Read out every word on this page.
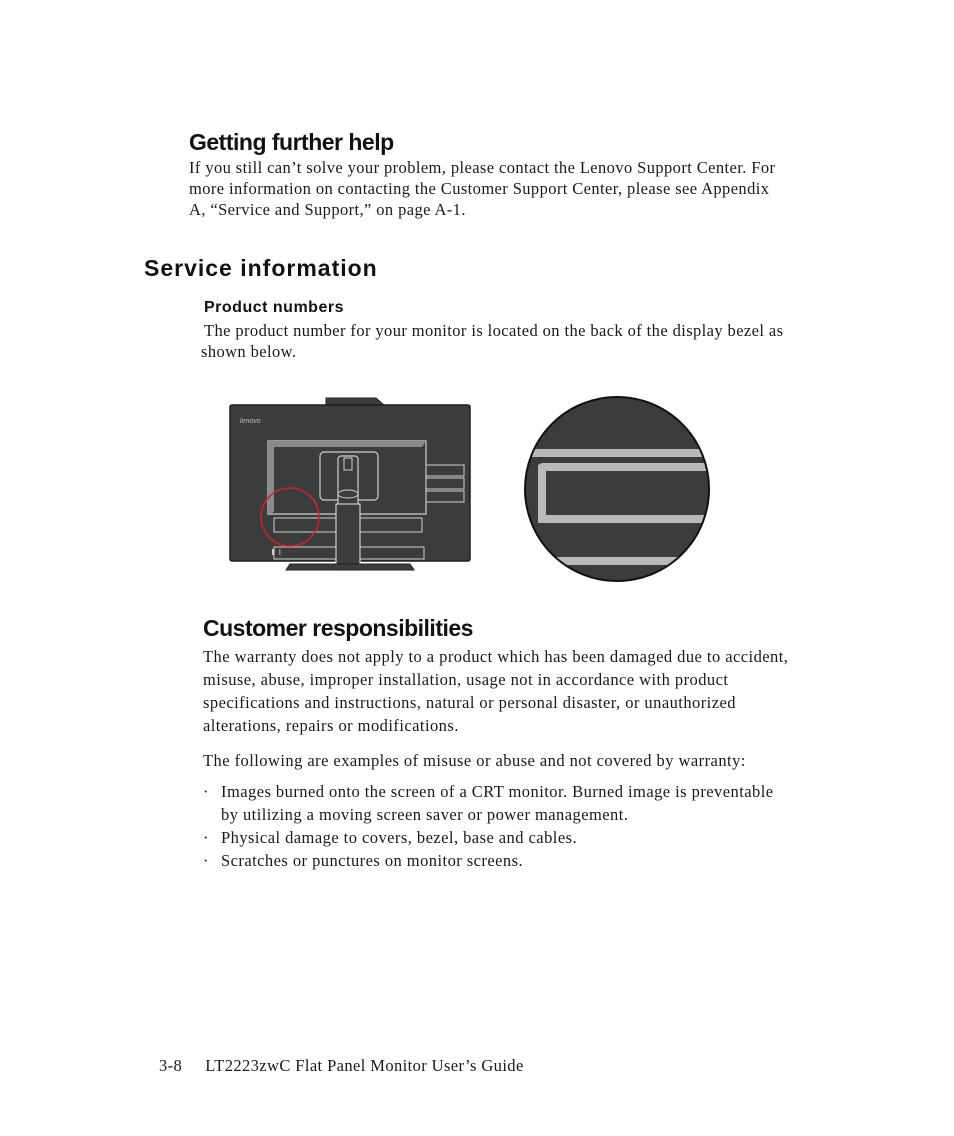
Getting further help

If you still can’t solve your problem, please contact the Lenovo Support Center. For

more information on contacting the Customer Support Center, please see Appendix

A, “Service and Support,” on page A-1.

Service information
Product numbers

The product number for your monitor is located on the back of the display bezel as

shown below.

lenovo
Customer responsibilities

The warranty does not apply to a product which has been damaged due to accident,

misuse, abuse, improper installation, usage not in accordance with product

specifications and instructions, natural or personal disaster, or unauthorized

alterations, repairs or modifications.

The following are examples of misuse or abuse and not covered by warranty:

· Images burned onto the screen of a CRT monitor. Burned image is preventable
by utilizing a moving screen saver or power management.
· Physical damage to covers, bezel, base and cables.
· Scratches or punctures on monitor screens.
3-8 LT2223zwC Flat Panel Monitor User’s Guide
